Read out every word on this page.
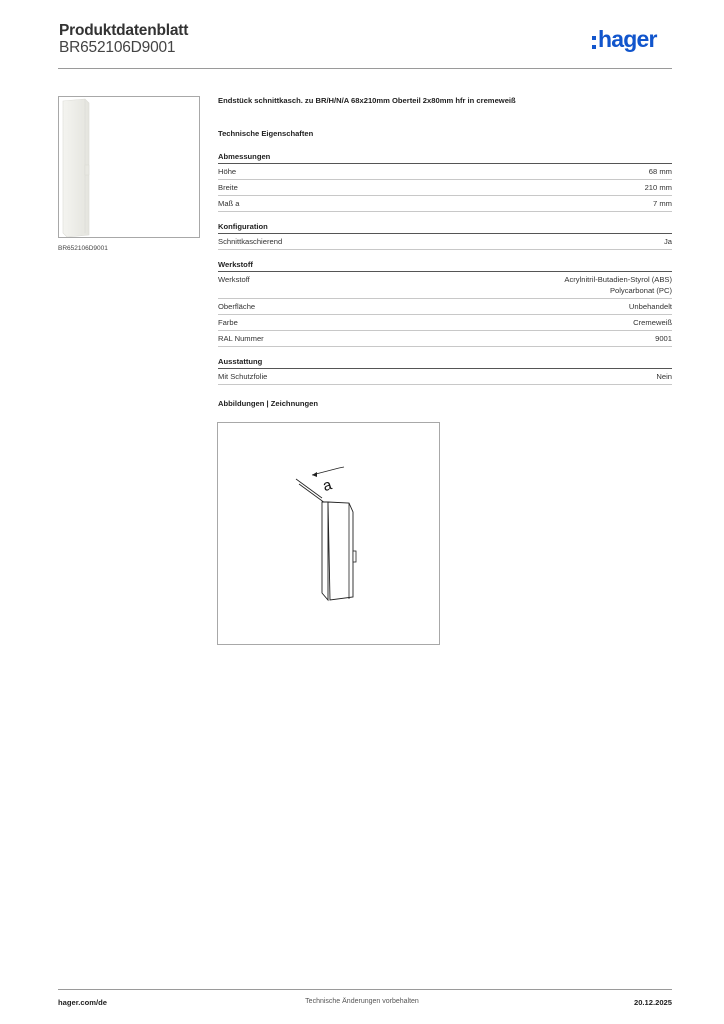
Produktdatenblatt
BR652106D9001	hager
BR652106D9001
Endstück schnittkasch. zu BR/H/N/A 68x210mm Oberteil 2x80mm hfr in cremeweiß
Technische Eigenschaften
Abmessungen
Höhe	68 mm
Breite	210 mm
Maß a	7 mm
Konfiguration
Schnittkaschierend	Ja
Werkstoff
Werkstoff	Acrylnitril-Butadien-Styrol (ABS)
Polycarbonat (PC)
Oberfläche	Unbehandelt
Farbe	Cremeweiß
RAL Nummer	9001
Ausstattung
Mit Schutzfolie	Nein
Abbildungen | Zeichnungen
a
hager.com/de	Technische Änderungen vorbehalten	20.12.2025
